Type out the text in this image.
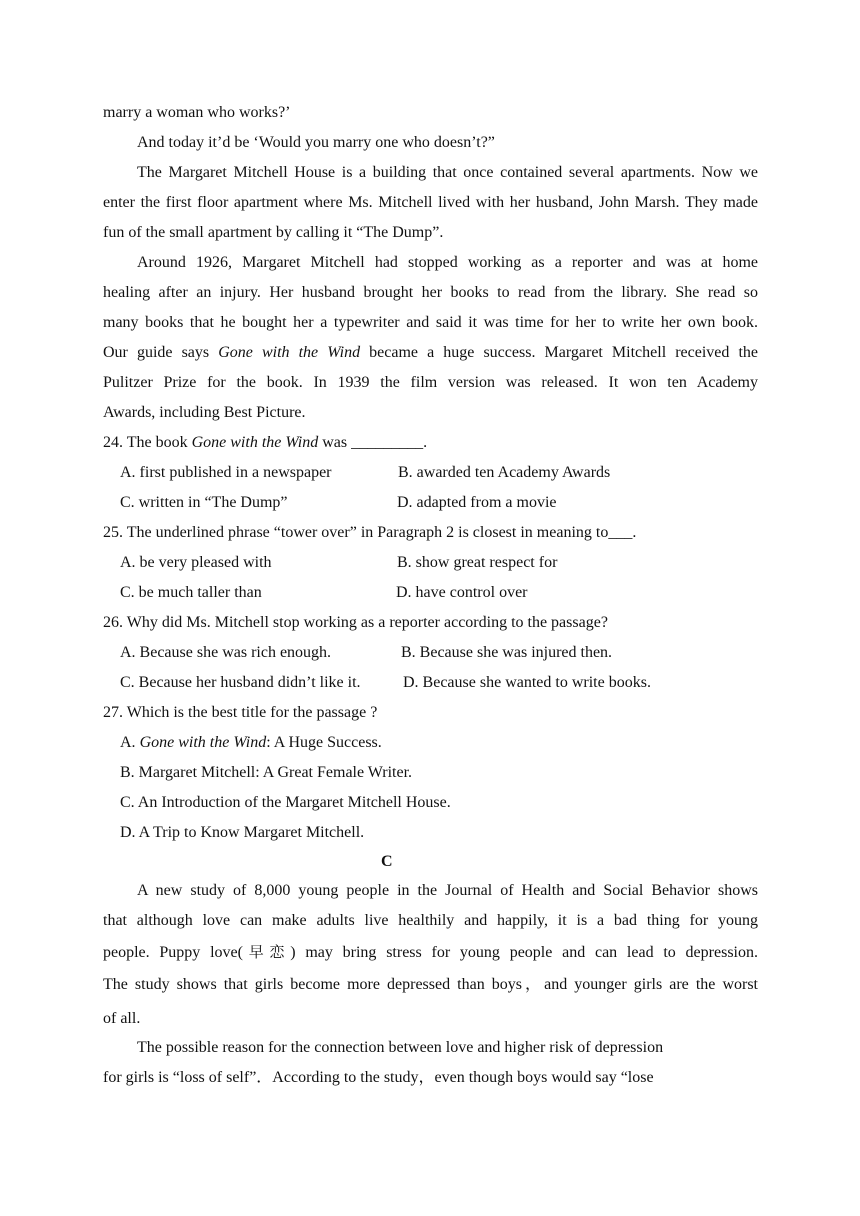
marry a woman who works?’
And today it’d be ‘Would you marry one who doesn’t?”
The Margaret Mitchell House is a building that once contained several apartments. Now we
enter the first floor apartment where Ms. Mitchell lived with her husband, John Marsh. They made
fun of the small apartment by calling it “The Dump”.
Around 1926, Margaret Mitchell had stopped working as a reporter and was at home
healing after an injury. Her husband brought her books to read from the library. She read so
many books that he bought her a typewriter and said it was time for her to write her own book.
Our guide says Gone with the Wind became a huge success. Margaret Mitchell received the
Pulitzer Prize for the book. In 1939 the film version was released. It won ten Academy
Awards, including Best Picture.
24. The book Gone with the Wind was _________.
A. first published in a newspaper	B. awarded ten Academy Awards
C. written in “The Dump”	D. adapted from a movie
25. The underlined phrase “tower over” in Paragraph 2 is closest in meaning to___.
A. be very pleased with	B. show great respect for
C. be much taller than	D. have control over
26. Why did Ms. Mitchell stop working as a reporter according to the passage?
A. Because she was rich enough.	B. Because she was injured then.
C. Because her husband didn’t like it.	D. Because she wanted to write books.
27. Which is the best title for the passage ?
A. Gone with the Wind: A Huge Success.
B. Margaret Mitchell: A Great Female Writer.
C. An Introduction of the Margaret Mitchell House.
D. A Trip to Know Margaret Mitchell.
C
A new study of 8,000 young people in the Journal of Health and Social Behavior shows
that although love can make adults live healthily and happily, it is a bad thing for young
people. Puppy love(早恋) may bring stress for young people and can lead to depression.
The study shows that girls become more depressed than boys，and younger girls are the worst
of all.
The possible reason for the connection between love and higher risk of depression
for girls is “loss of self”．According to the study，even though boys would say “lose
